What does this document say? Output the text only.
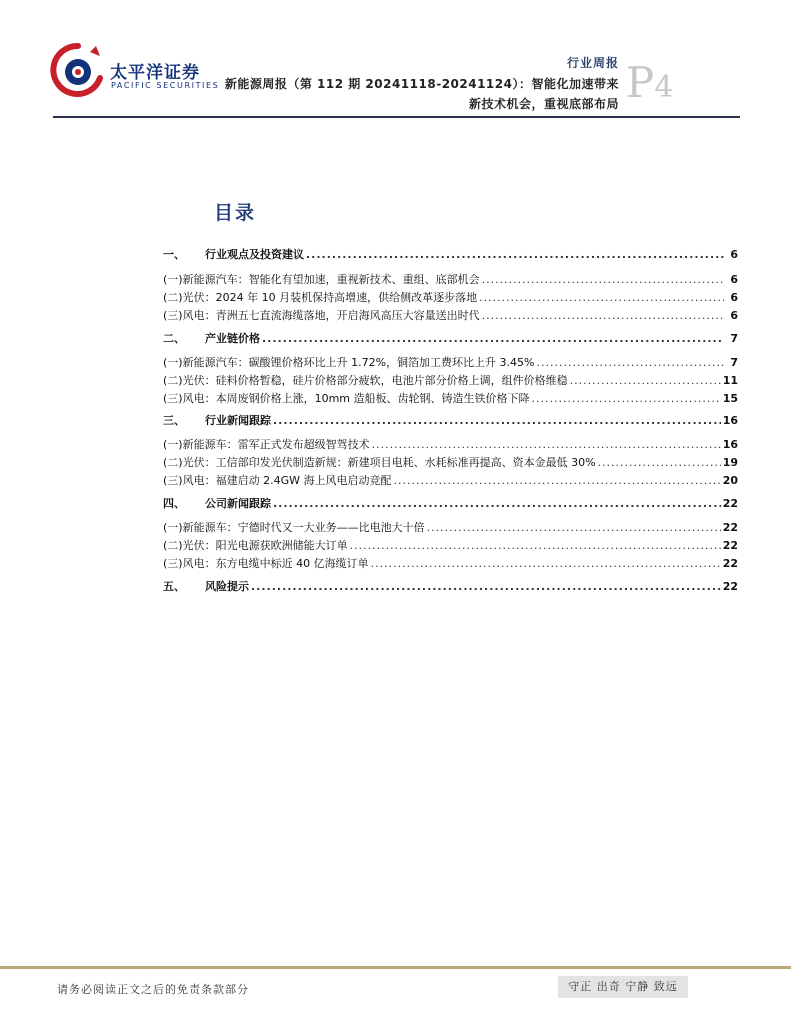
太平洋证券
PACIFIC SECURITIES
行业周报
新能源周报（第 112 期 20241118-20241124）：智能化加速带来
新技术机会，重视底部布局 P4
目录
一、	行业观点及投资建议 .....	6
(一) 新能源汽车：智能化有望加速，重视新技术、重组、底部机会 .....	6
(二) 光伏：2024 年 10 月装机保持高增速，供给侧改革逐步落地 .....	6
(三) 风电：青洲五七直流海缆落地，开启海风高压大容量送出时代 .....	6
二、	产业链价格 .....	7
(一) 新能源汽车：碳酸锂价格环比上升 1.72%，铜箔加工费环比上升 3.45% .....	7
(二) 光伏：硅料价格暂稳，硅片价格部分疲软，电池片部分价格上调，组件价格维稳 .....	11
(三) 风电：本周废钢价格上涨，10mm 造船板、齿轮钢、铸造生铁价格下降 .....	15
三、	行业新闻跟踪 .....	16
(一) 新能源车：雷军正式发布超级智驾技术 .....	16
(二) 光伏：工信部印发光伏制造新规：新建项目电耗、水耗标准再提高、资本金最低 30% .....	19
(三) 风电：福建启动 2.4GW 海上风电启动竞配 .....	20
四、	公司新闻跟踪 .....	22
(一) 新能源车：宁德时代又一大业务——比电池大十倍 .....	22
(二) 光伏：阳光电源获欧洲储能大订单 .....	22
(三) 风电：东方电缆中标近 40 亿海缆订单 .....	22
五、	风险提示 .....	22
请务必阅读正文之后的免责条款部分	守正 出奇 宁静 致远
